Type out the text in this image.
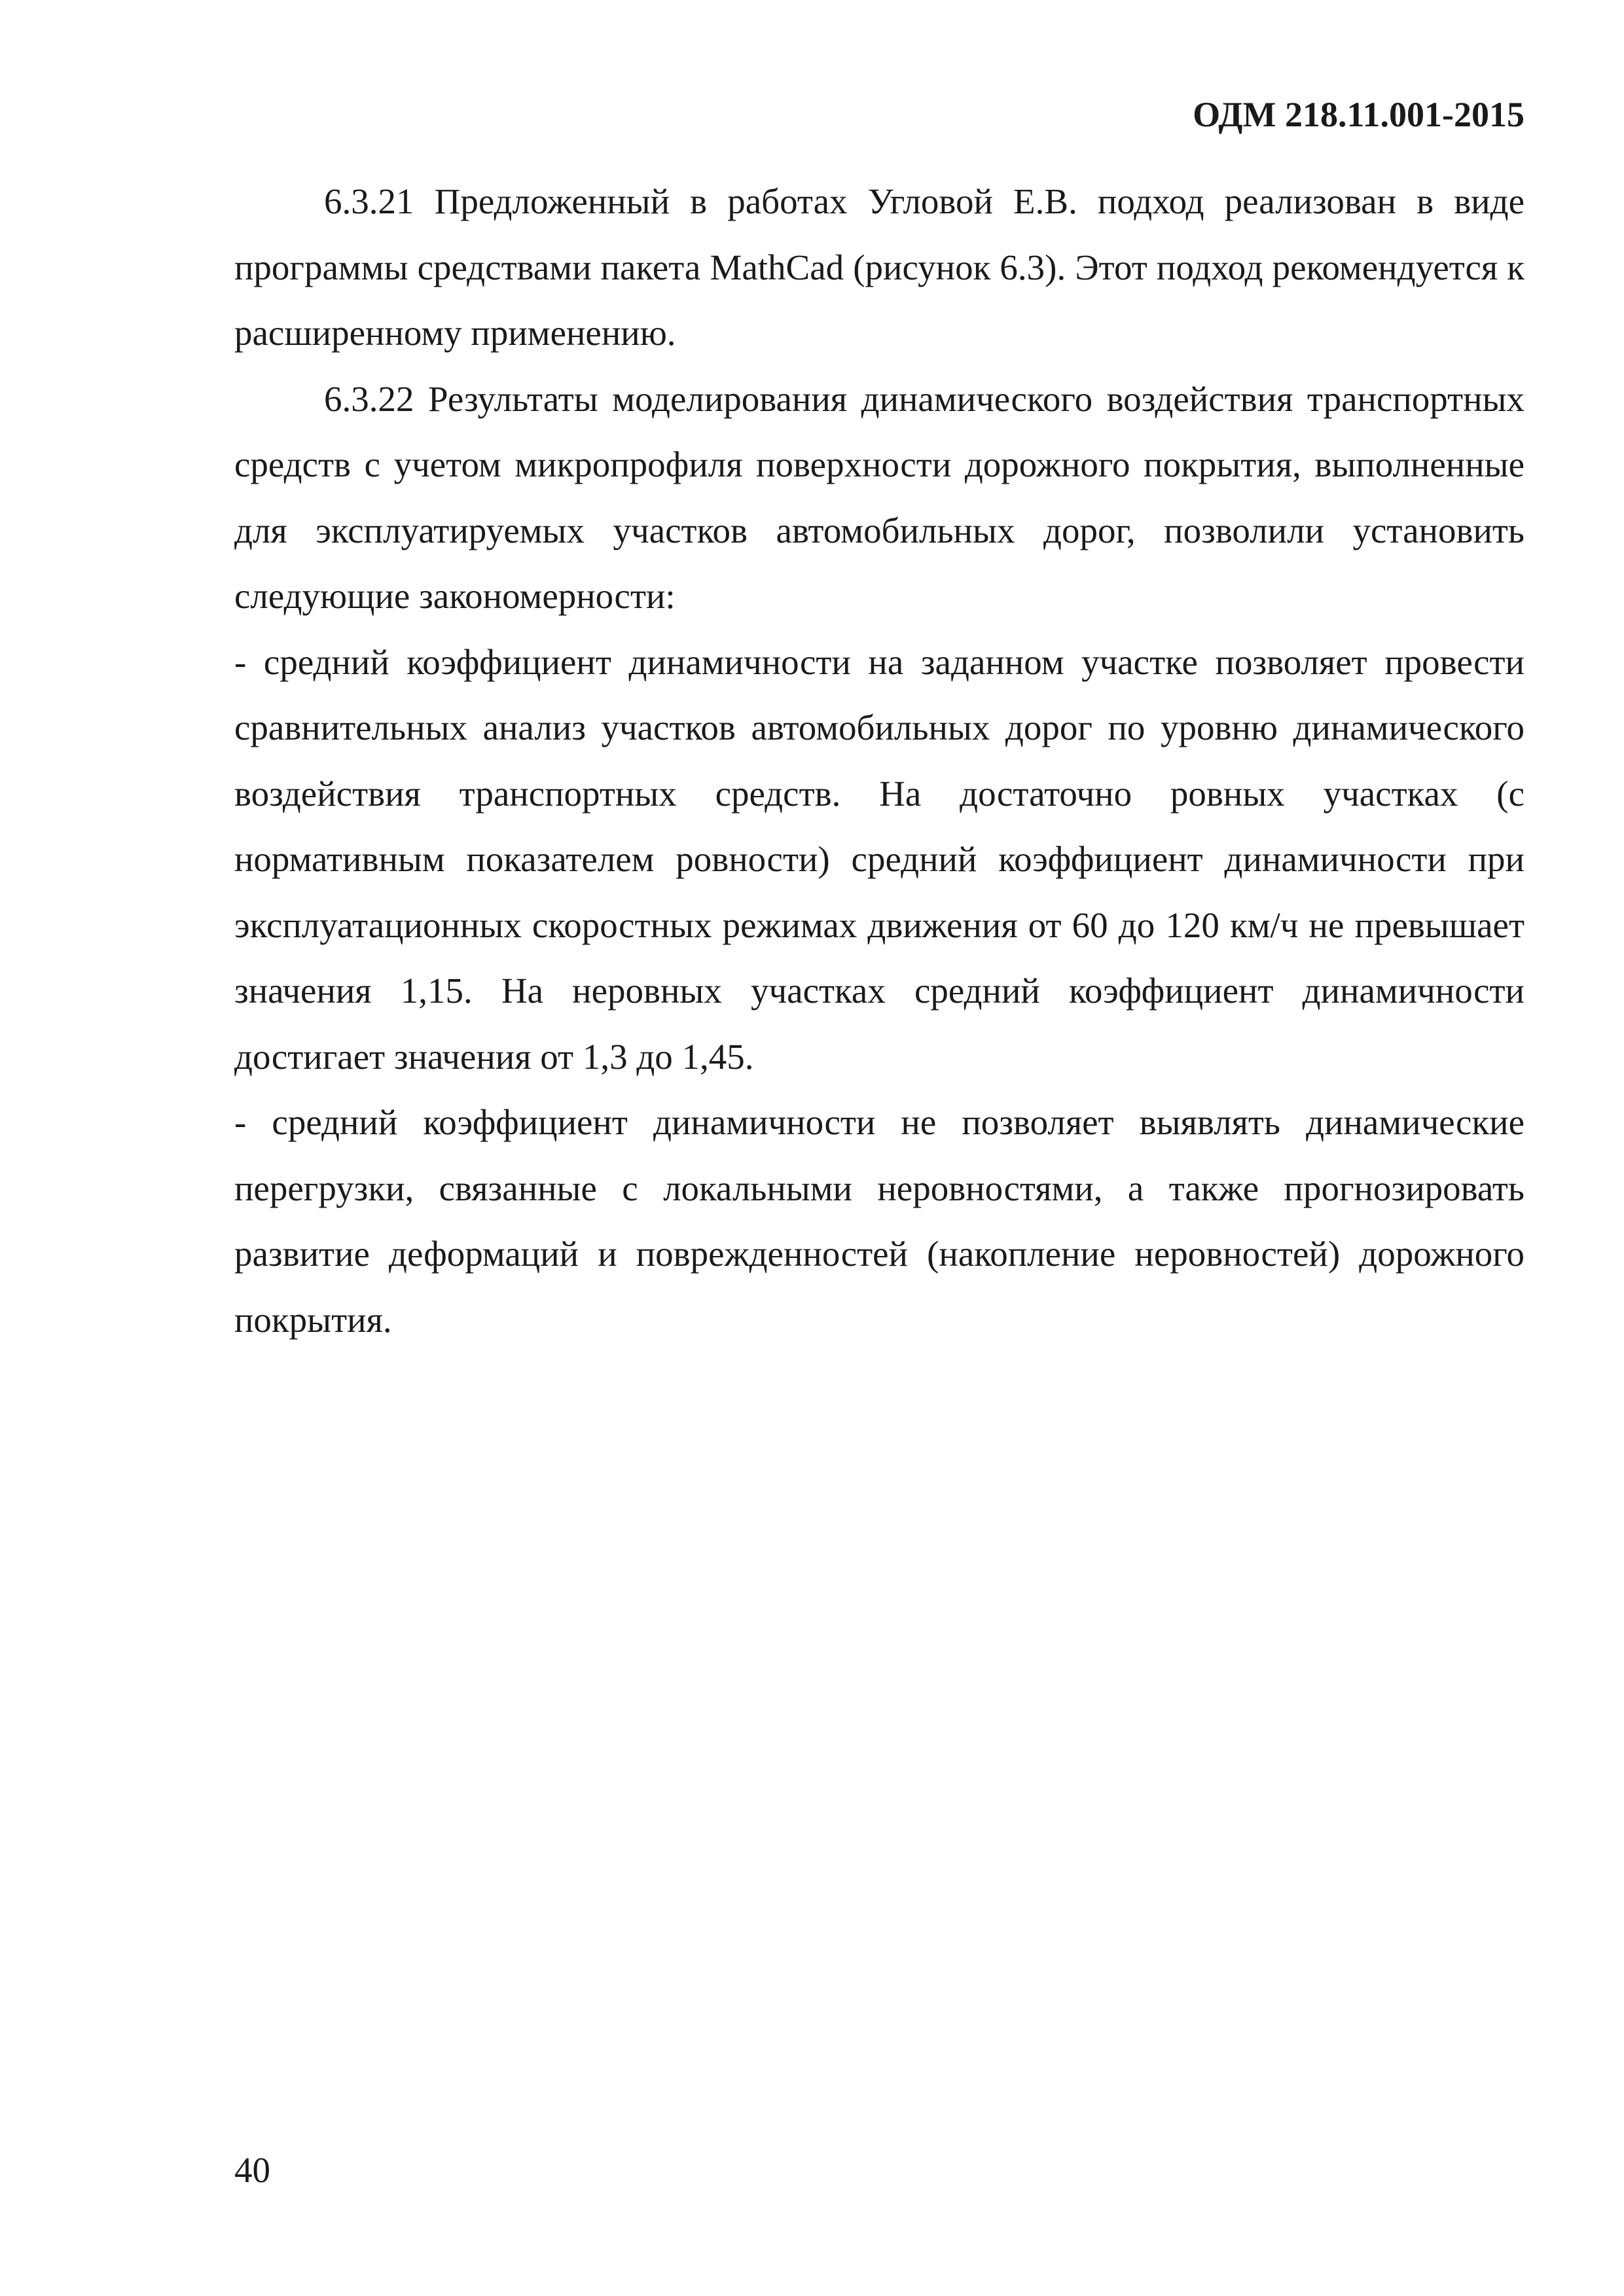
ОДМ 218.11.001-2015

6.3.21 Предложенный в работах Угловой Е.В. подход реализован в виде программы средствами пакета MathCad (рисунок 6.3). Этот подход рекомендуется к расширенному применению.

6.3.22 Результаты моделирования динамического воздействия транспортных средств с учетом микропрофиля поверхности дорожного покрытия, выполненные для эксплуатируемых участков автомобильных дорог, позволили установить следующие закономерности:

- средний коэффициент динамичности на заданном участке позволяет провести сравнительных анализ участков автомобильных дорог по уровню динамического воздействия транспортных средств. На достаточно ровных участках (с нормативным показателем ровности) средний коэффициент динамичности при эксплуатационных скоростных режимах движения от 60 до 120 км/ч не превышает значения 1,15. На неровных участках средний коэффициент динамичности достигает значения от 1,3 до 1,45.

- средний коэффициент динамичности не позволяет выявлять динамические перегрузки, связанные с локальными неровностями, а также прогнозировать развитие деформаций и поврежденностей (накопление неровностей) дорожного покрытия.

40
